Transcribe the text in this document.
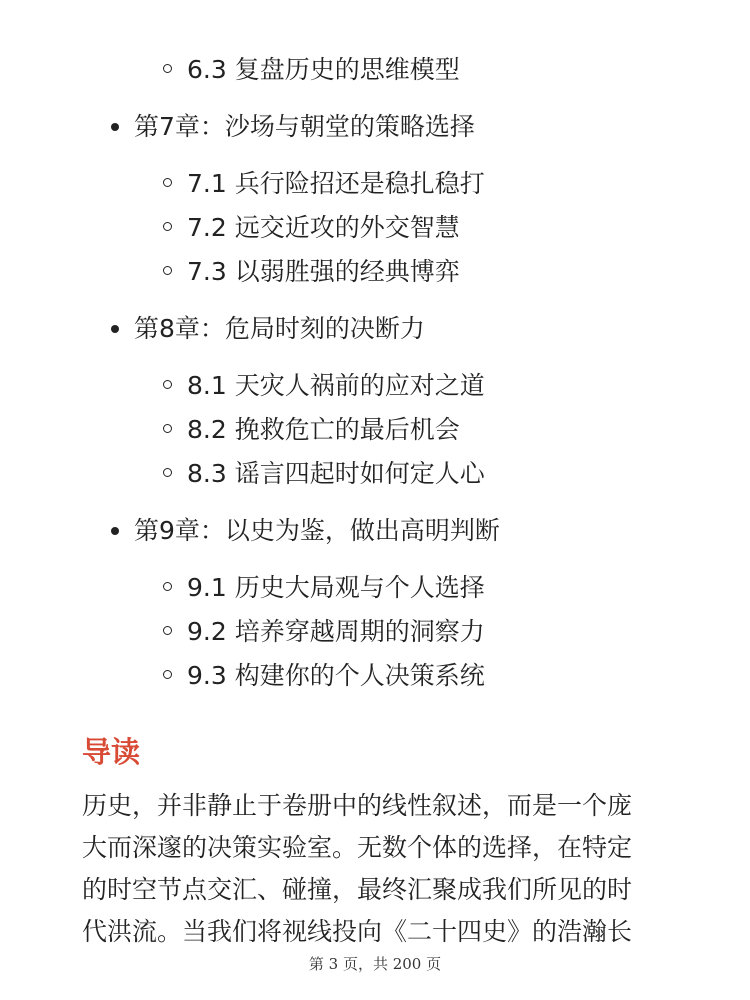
6.3 复盘历史的思维模型
第7章：沙场与朝堂的策略选择
7.1 兵行险招还是稳扎稳打
7.2 远交近攻的外交智慧
7.3 以弱胜强的经典博弈
第8章：危局时刻的决断力
8.1 天灾人祸前的应对之道
8.2 挽救危亡的最后机会
8.3 谣言四起时如何定人心
第9章：以史为鉴，做出高明判断
9.1 历史大局观与个人选择
9.2 培养穿越周期的洞察力
9.3 构建你的个人决策系统
导读
历史，并非静止于卷册中的线性叙述，而是一个庞
大而深邃的决策实验室。无数个体的选择，在特定
的时空节点交汇、碰撞，最终汇聚成我们所见的时
代洪流。当我们将视线投向《二十四史》的浩瀚长
第 3 页，共 200 页
